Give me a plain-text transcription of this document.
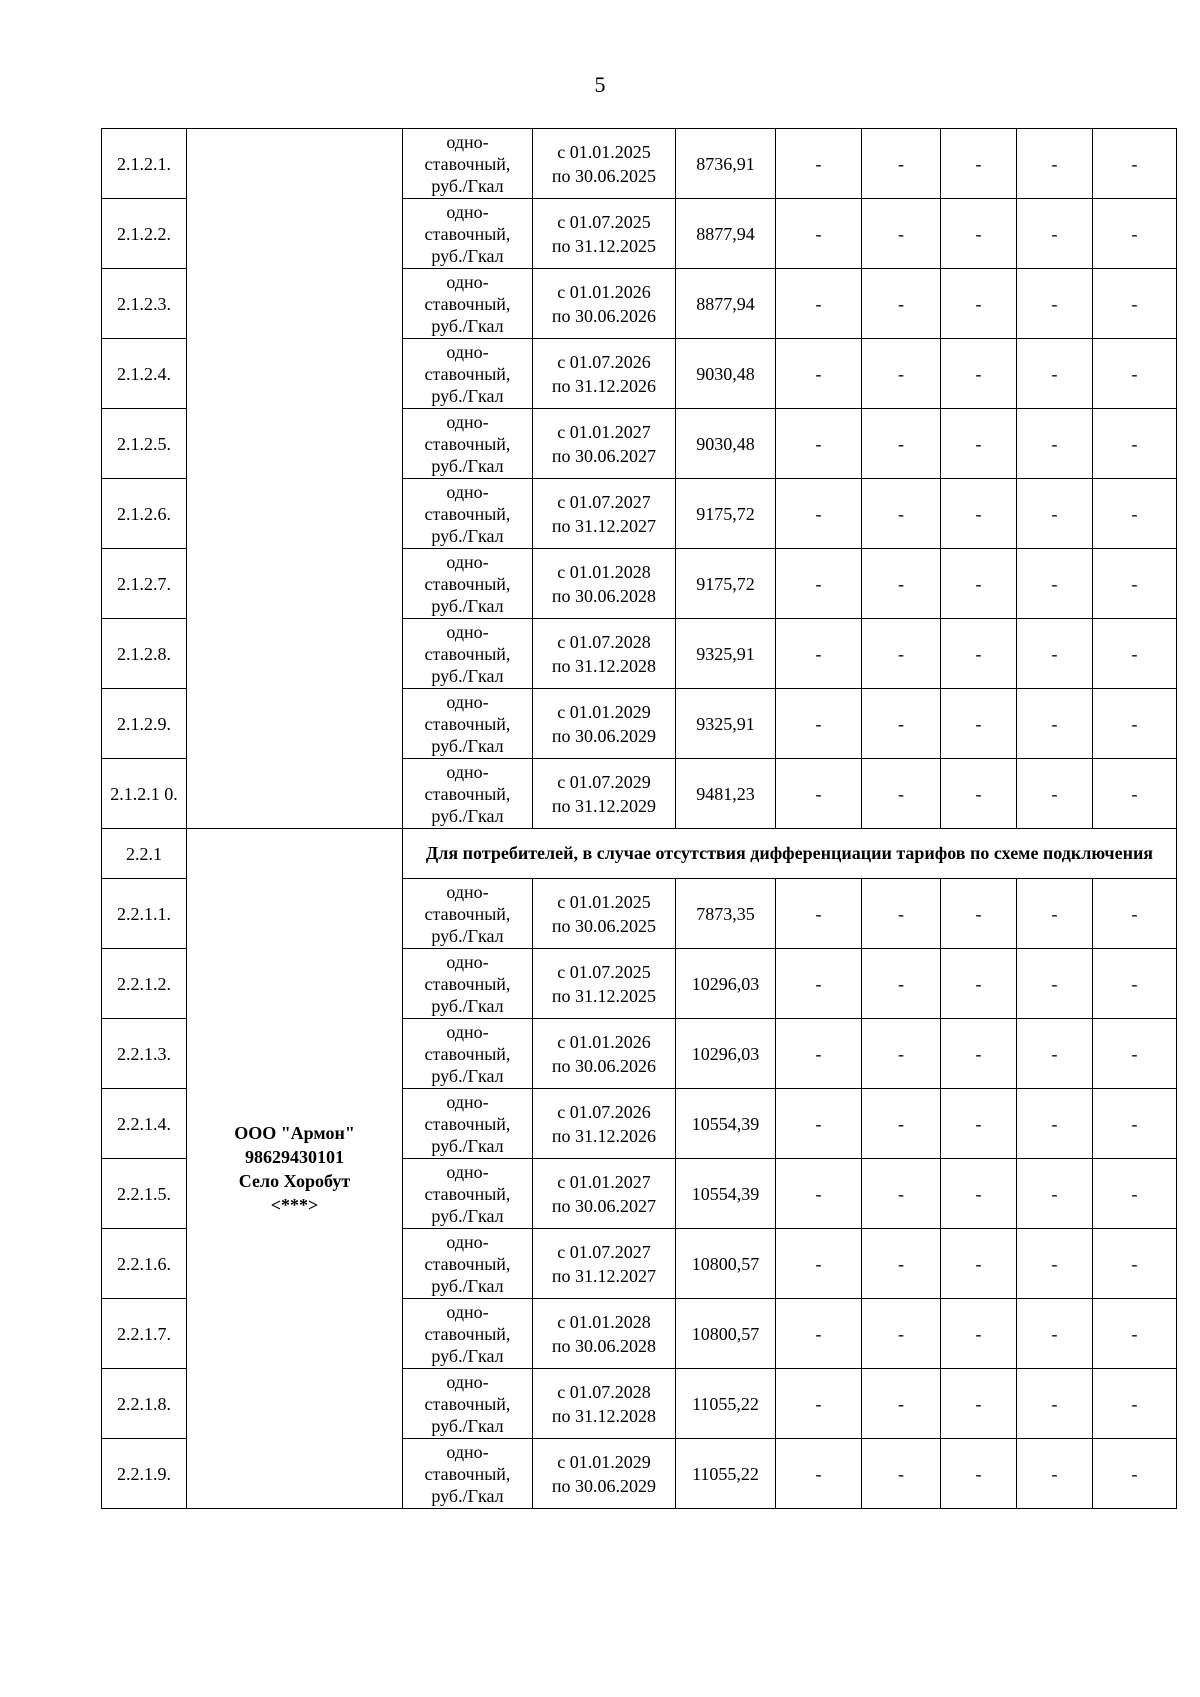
5
2.1.2.1.		одно-
ставочный,
руб./Гкал	с 01.01.2025
по 30.06.2025	8736,91	-	-	-	-	-
2.1.2.2.		одно-
ставочный,
руб./Гкал	с 01.07.2025
по 31.12.2025	8877,94	-	-	-	-	-
2.1.2.3.		одно-
ставочный,
руб./Гкал	с 01.01.2026
по 30.06.2026	8877,94	-	-	-	-	-
2.1.2.4.		одно-
ставочный,
руб./Гкал	с 01.07.2026
по 31.12.2026	9030,48	-	-	-	-	-
2.1.2.5.		одно-
ставочный,
руб./Гкал	с 01.01.2027
по 30.06.2027	9030,48	-	-	-	-	-
2.1.2.6.		одно-
ставочный,
руб./Гкал	с 01.07.2027
по 31.12.2027	9175,72	-	-	-	-	-
2.1.2.7.		одно-
ставочный,
руб./Гкал	с 01.01.2028
по 30.06.2028	9175,72	-	-	-	-	-
2.1.2.8.		одно-
ставочный,
руб./Гкал	с 01.07.2028
по 31.12.2028	9325,91	-	-	-	-	-
2.1.2.9.		одно-
ставочный,
руб./Гкал	с 01.01.2029
по 30.06.2029	9325,91	-	-	-	-	-
2.1.2.1 0.		одно-
ставочный,
руб./Гкал	с 01.07.2029
по 31.12.2029	9481,23	-	-	-	-	-
2.2.1	ООО "Армон"
98629430101
Село Хоробут
<***>	Для потребителей, в случае отсутствия дифференциации тарифов по схеме подключения							
2.2.1.1.		одно-
ставочный,
руб./Гкал	с 01.01.2025
по 30.06.2025	7873,35	-	-	-	-	-
2.2.1.2.		одно-
ставочный,
руб./Гкал	с 01.07.2025
по 31.12.2025	10296,03	-	-	-	-	-
2.2.1.3.		одно-
ставочный,
руб./Гкал	с 01.01.2026
по 30.06.2026	10296,03	-	-	-	-	-
2.2.1.4.		одно-
ставочный,
руб./Гкал	с 01.07.2026
по 31.12.2026	10554,39	-	-	-	-	-
2.2.1.5.		одно-
ставочный,
руб./Гкал	с 01.01.2027
по 30.06.2027	10554,39	-	-	-	-	-
2.2.1.6.		одно-
ставочный,
руб./Гкал	с 01.07.2027
по 31.12.2027	10800,57	-	-	-	-	-
2.2.1.7.		одно-
ставочный,
руб./Гкал	с 01.01.2028
по 30.06.2028	10800,57	-	-	-	-	-
2.2.1.8.		одно-
ставочный,
руб./Гкал	с 01.07.2028
по 31.12.2028	11055,22	-	-	-	-	-
2.2.1.9.		одно-
ставочный,
руб./Гкал	с 01.01.2029
по 30.06.2029	11055,22	-	-	-	-	-
